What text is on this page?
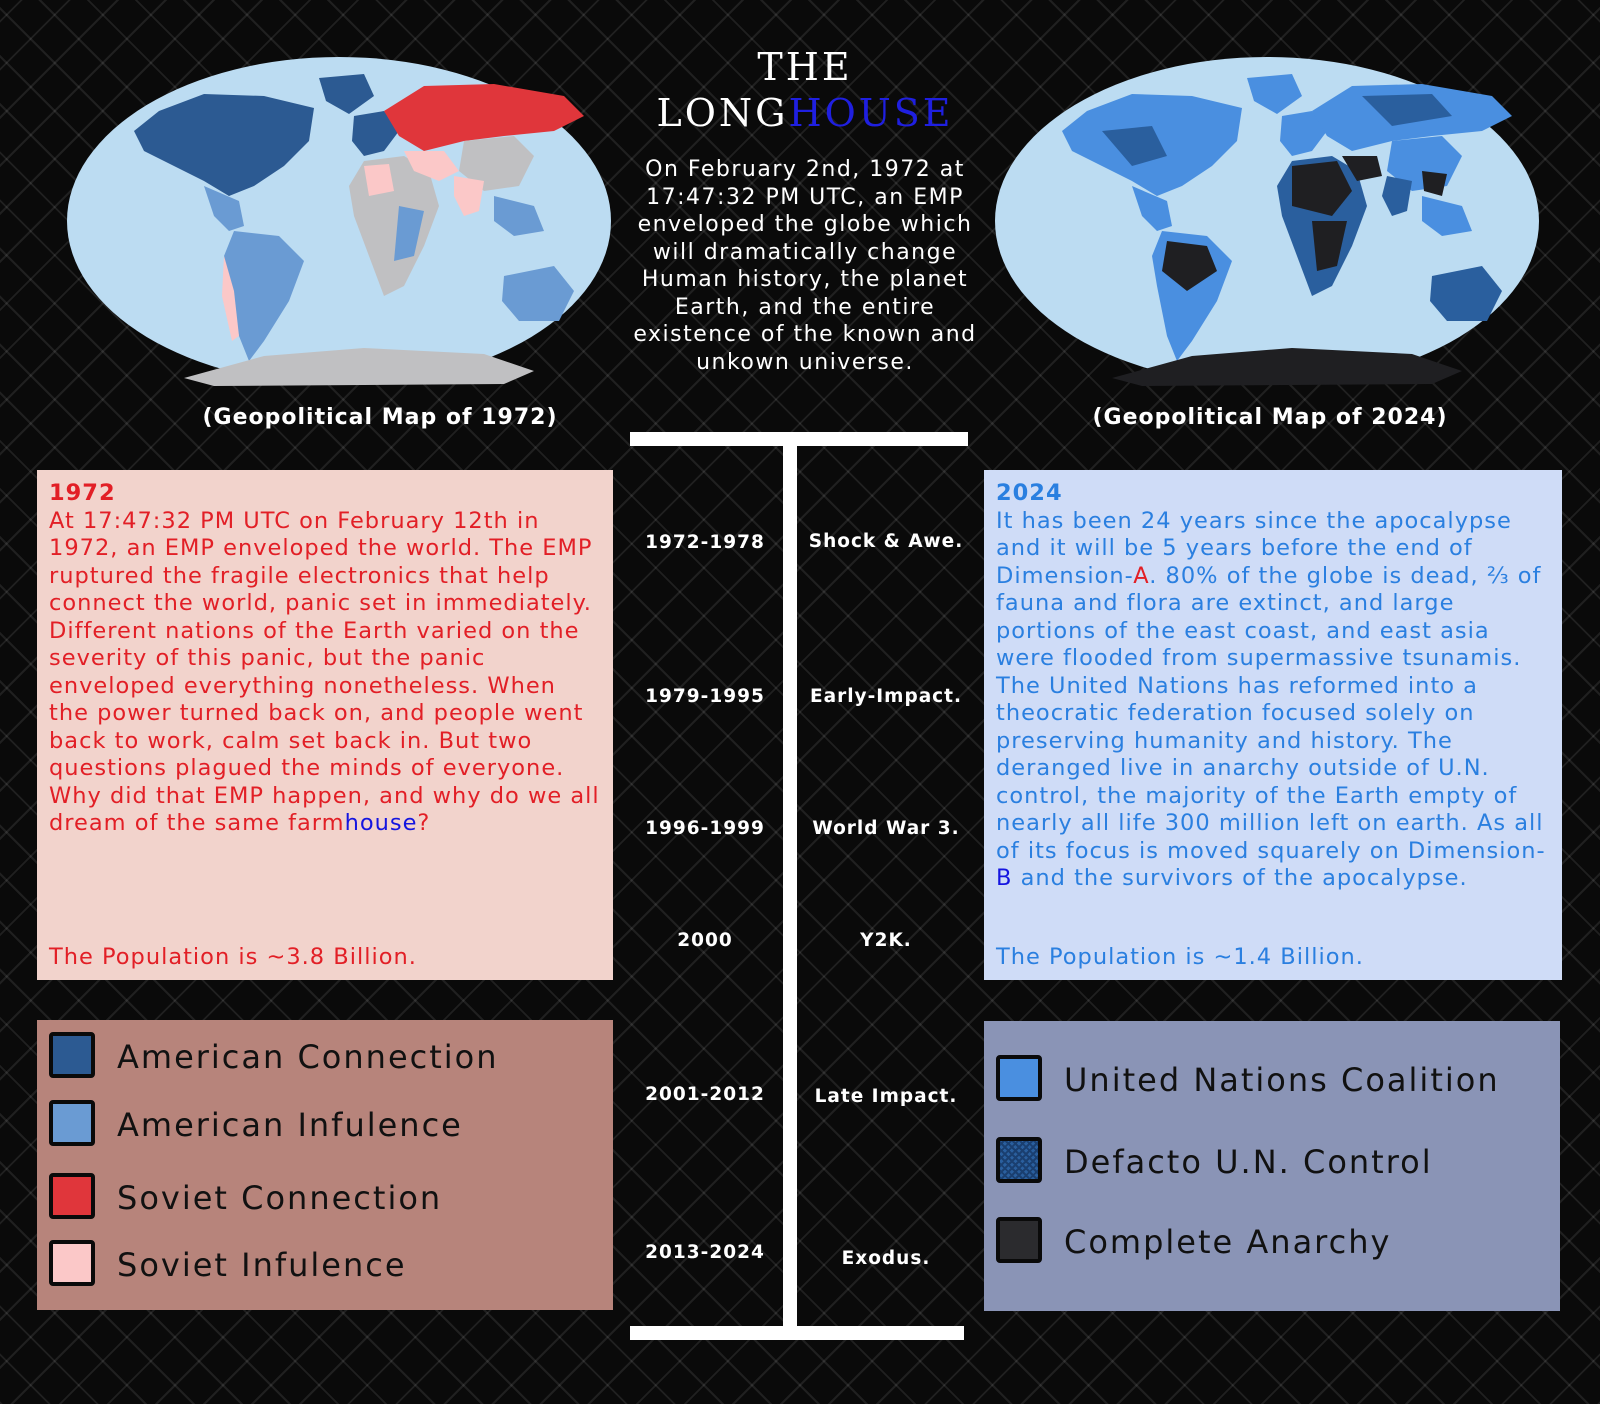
(Geopolitical Map of 1972)	(Geopolitical Map of 2024)
THE
LONGHOUSE
On February 2nd, 1972 at 17:47:32 PM UTC, an EMP enveloped the globe which will dramatically change Human history, the planet Earth, and the entire existence of the known and unkown universe.
1972
At 17:47:32 PM UTC on February 12th in 1972, an EMP enveloped the world. The EMP ruptured the fragile electronics that help connect the world, panic set in immediately. Different nations of the Earth varied on the severity of this panic, but the panic enveloped everything nonetheless. When the power turned back on, and people went back to work, calm set back in. But two questions plagued the minds of everyone. Why did that EMP happen, and why do we all dream of the same farmhouse?
The Population is ~3.8 Billion.
2024
It has been 24 years since the apocalypse and it will be 5 years before the end of Dimension-A. 80% of the globe is dead, ⅔ of fauna and flora are extinct, and large portions of the east coast, and east asia were flooded from supermassive tsunamis. The United Nations has reformed into a theocratic federation focused solely on preserving humanity and history. The deranged live in anarchy outside of U.N. control, the majority of the Earth empty of nearly all life 300 million left on earth. As all of its focus is moved squarely on Dimension-B and the survivors of the apocalypse.
The Population is ~1.4 Billion.
1972-1978	Shock & Awe.
1979-1995	Early-Impact.
1996-1999	World War 3.
2000	Y2K.
2001-2012	Late Impact.
2013-2024	Exodus.
American Connection
American Infulence
Soviet Connection
Soviet Infulence
United Nations Coalition
Defacto U.N. Control
Complete Anarchy
